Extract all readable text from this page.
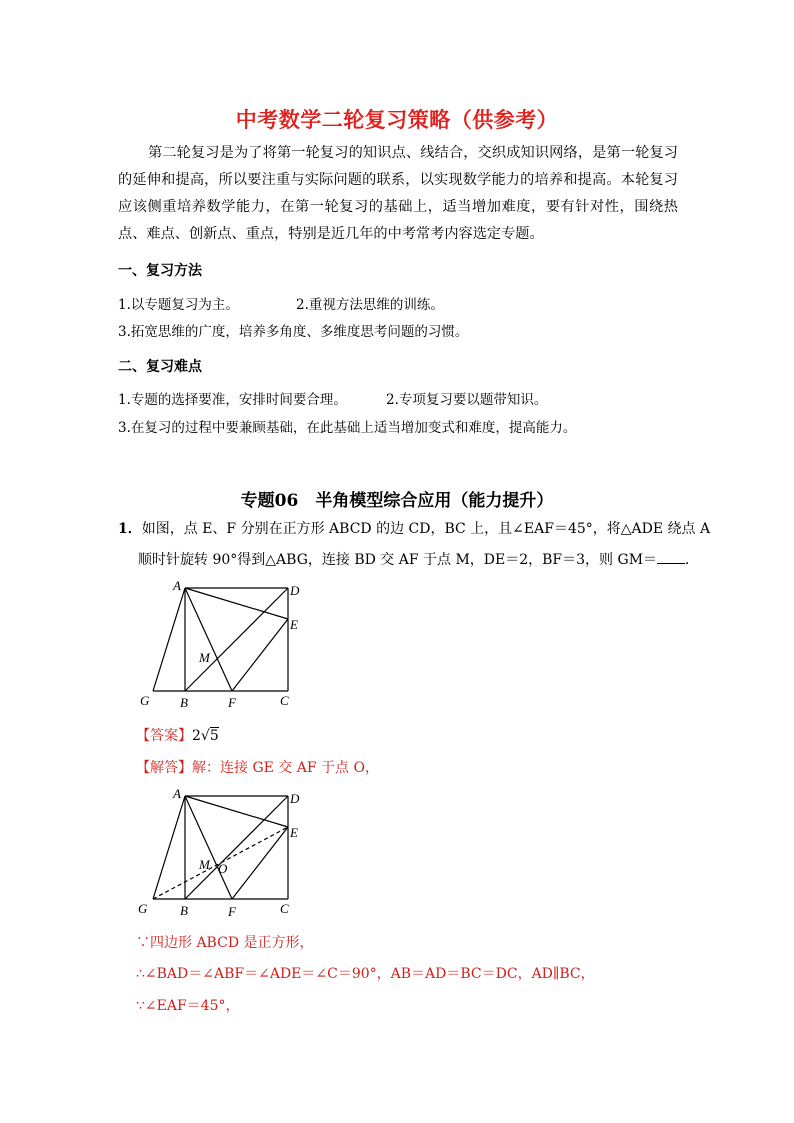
中考数学二轮复习策略（供参考）
第二轮复习是为了将第一轮复习的知识点、线结合，交织成知识网络，是第一轮复习的延伸和提高，所以要注重与实际问题的联系，以实现数学能力的培养和提高。本轮复习应该侧重培养数学能力，在第一轮复习的基础上，适当增加难度，要有针对性，围绕热点、难点、创新点、重点，特别是近几年的中考常考内容选定专题。
一、复习方法
1.以专题复习为主。	2.重视方法思维的训练。
3.拓宽思维的广度，培养多角度、多维度思考问题的习惯。
二、复习难点
1.专题的选择要准，安排时间要合理。	2.专项复习要以题带知识。
3.在复习的过程中要兼顾基础，在此基础上适当增加变式和难度，提高能力。
专题06　半角模型综合应用（能力提升）
1．如图，点 E、F 分别在正方形 ABCD 的边 CD，BC 上，且∠EAF＝45°，将△ADE 绕点 A
顺时针旋转 90°得到△ABG，连接 BD 交 AF 于点 M，DE＝2，BF＝3，则 GM＝ ．
A	D
E
M
G B	F	C
【答案】2√5
【解答】解：连接 GE 交 AF 于点 O，
A	D
E
M O
G	B	F	C
∵四边形 ABCD 是正方形，
∴∠BAD＝∠ABF＝∠ADE＝∠C＝90°，AB＝AD＝BC＝DC，AD∥BC，
∵∠EAF＝45°，
